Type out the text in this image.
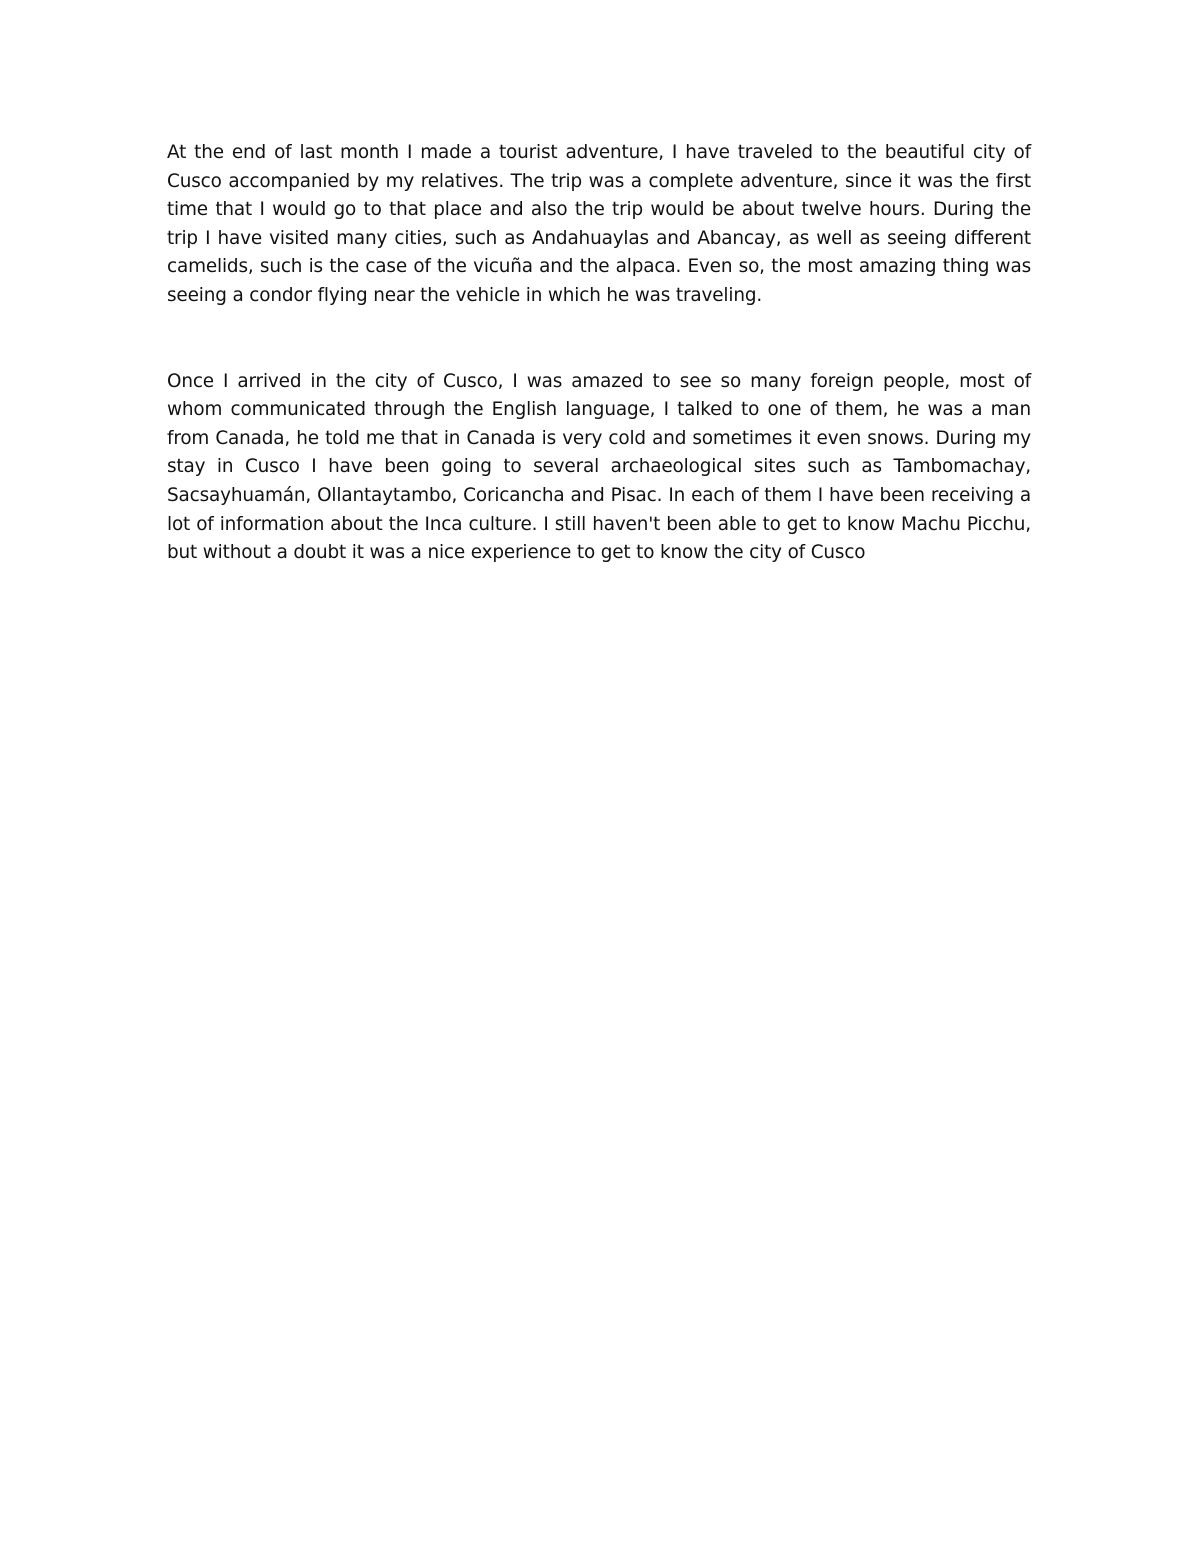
At the end of last month I made a tourist adventure, I have traveled to the beautiful city of Cusco accompanied by my relatives. The trip was a complete adventure, since it was the first time that I would go to that place and also the trip would be about twelve hours. During the trip I have visited many cities, such as Andahuaylas and Abancay, as well as seeing different camelids, such is the case of the vicuña and the alpaca. Even so, the most amazing thing was seeing a condor flying near the vehicle in which he was traveling.

Once I arrived in the city of Cusco, I was amazed to see so many foreign people, most of whom communicated through the English language, I talked to one of them, he was a man from Canada, he told me that in Canada is very cold and sometimes it even snows. During my stay in Cusco I have been going to several archaeological sites such as Tambomachay, Sacsayhuamán, Ollantaytambo, Coricancha and Pisac. In each of them I have been receiving a lot of information about the Inca culture. I still haven't been able to get to know Machu Picchu, but without a doubt it was a nice experience to get to know the city of Cusco
